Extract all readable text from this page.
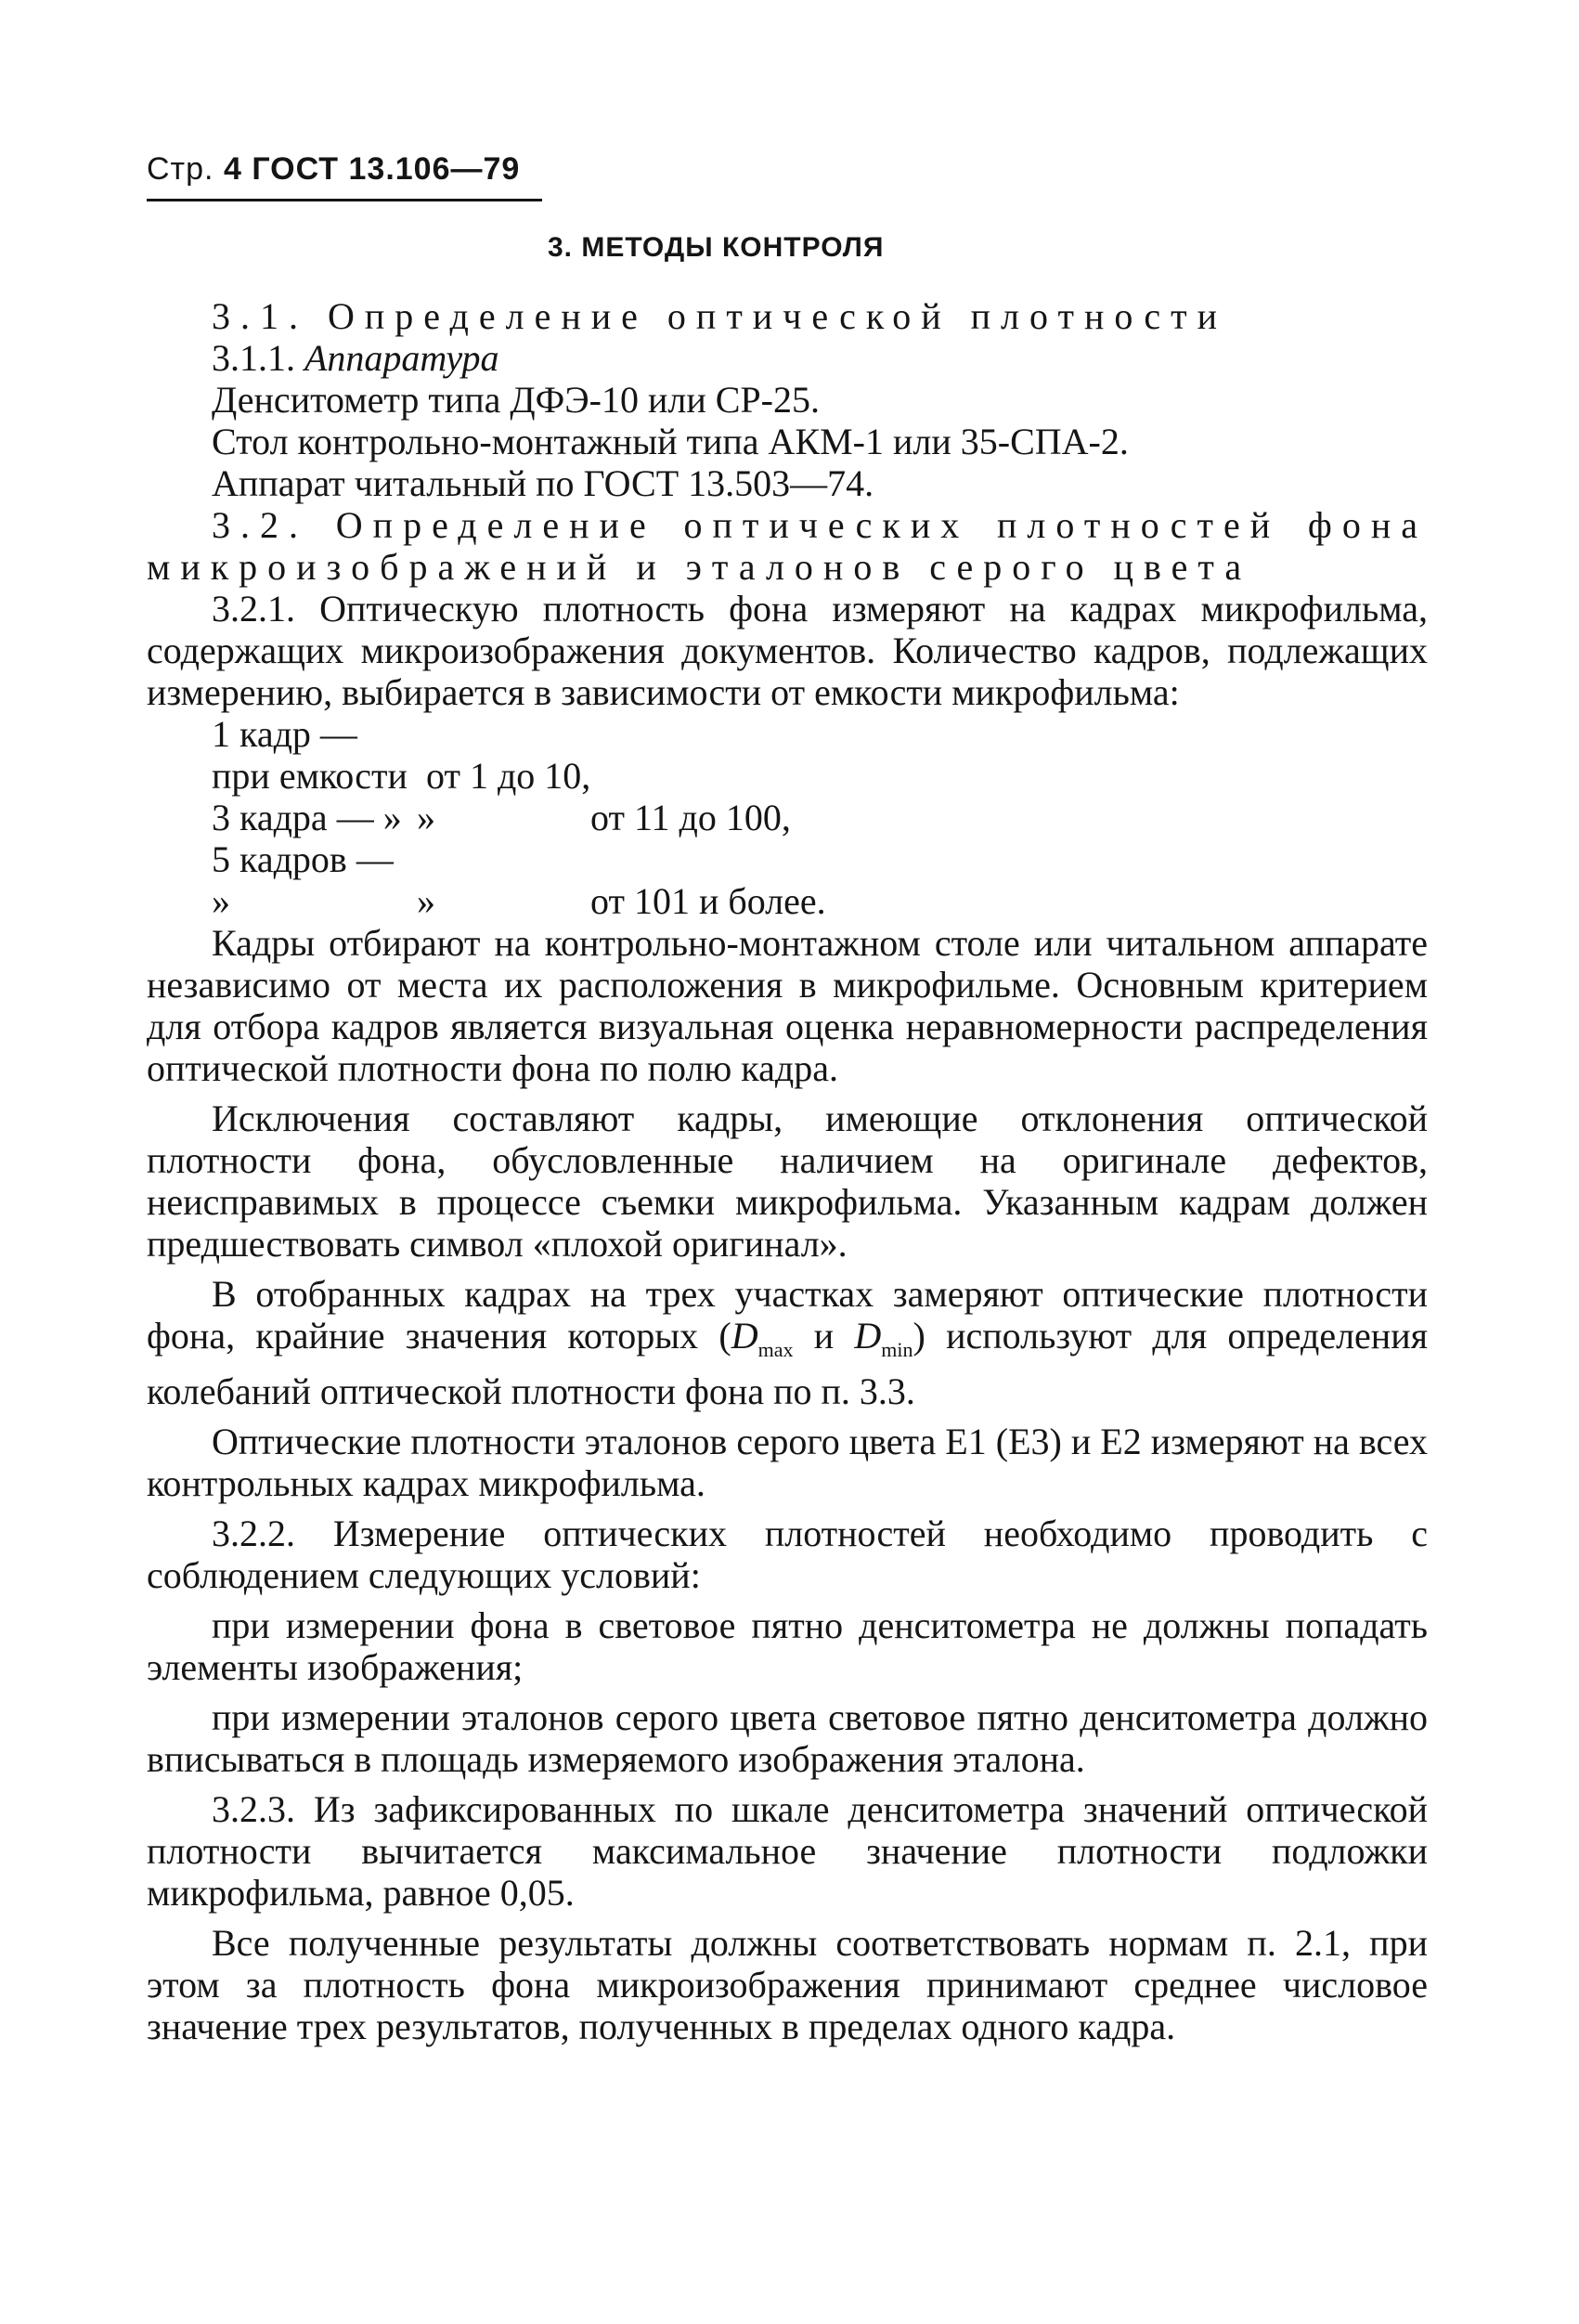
Стр. 4 ГОСТ 13.106—79
3. МЕТОДЫ КОНТРОЛЯ

3.1. Определение оптической плотности

3.1.1. Аппаратура

Денситометр типа ДФЭ-10 или СР-25.

Стол контрольно-монтажный типа АКМ-1 или 35-СПА-2.

Аппарат читальный по ГОСТ 13.503—74.

3.2. Определение оптических плотностей фона микроизображений и эталонов серого цвета

3.2.1. Оптическую плотность фона измеряют на кадрах микрофильма, содержащих микроизображения документов. Количество кадров, подлежащих измерению, выбирается в зависимости от емкости микрофильма:

1 кадр — при емкости от 1 до 10,
3 кадра — » »	от 11 до 100,
5 кадров — »	»	от 101 и более.

Кадры отбирают на контрольно-монтажном столе или читальном аппарате независимо от места их расположения в микрофильме. Основным критерием для отбора кадров является визуальная оценка неравномерности распределения оптической плотности фона по полю кадра.

Исключения составляют кадры, имеющие отклонения оптической плотности фона, обусловленные наличием на оригинале дефектов, неисправимых в процессе съемки микрофильма. Указанным кадрам должен предшествовать символ «плохой оригинал».

В отобранных кадрах на трех участках замеряют оптические плотности фона, крайние значения которых ($D_{max}$ и $D_{min}$) используют для определения колебаний оптической плотности фона по п. 3.3.

Оптические плотности эталонов серого цвета Е1 (Е3) и Е2 измеряют на всех контрольных кадрах микрофильма.

3.2.2. Измерение оптических плотностей необходимо проводить с соблюдением следующих условий:

при измерении фона в световое пятно денситометра не должны попадать элементы изображения;

при измерении эталонов серого цвета световое пятно денситометра должно вписываться в площадь измеряемого изображения эталона.

3.2.3. Из зафиксированных по шкале денситометра значений оптической плотности вычитается максимальное значение плотности подложки микрофильма, равное 0,05.

Все полученные результаты должны соответствовать нормам п. 2.1, при этом за плотность фона микроизображения принимают среднее числовое значение трех результатов, полученных в пределах одного кадра.
